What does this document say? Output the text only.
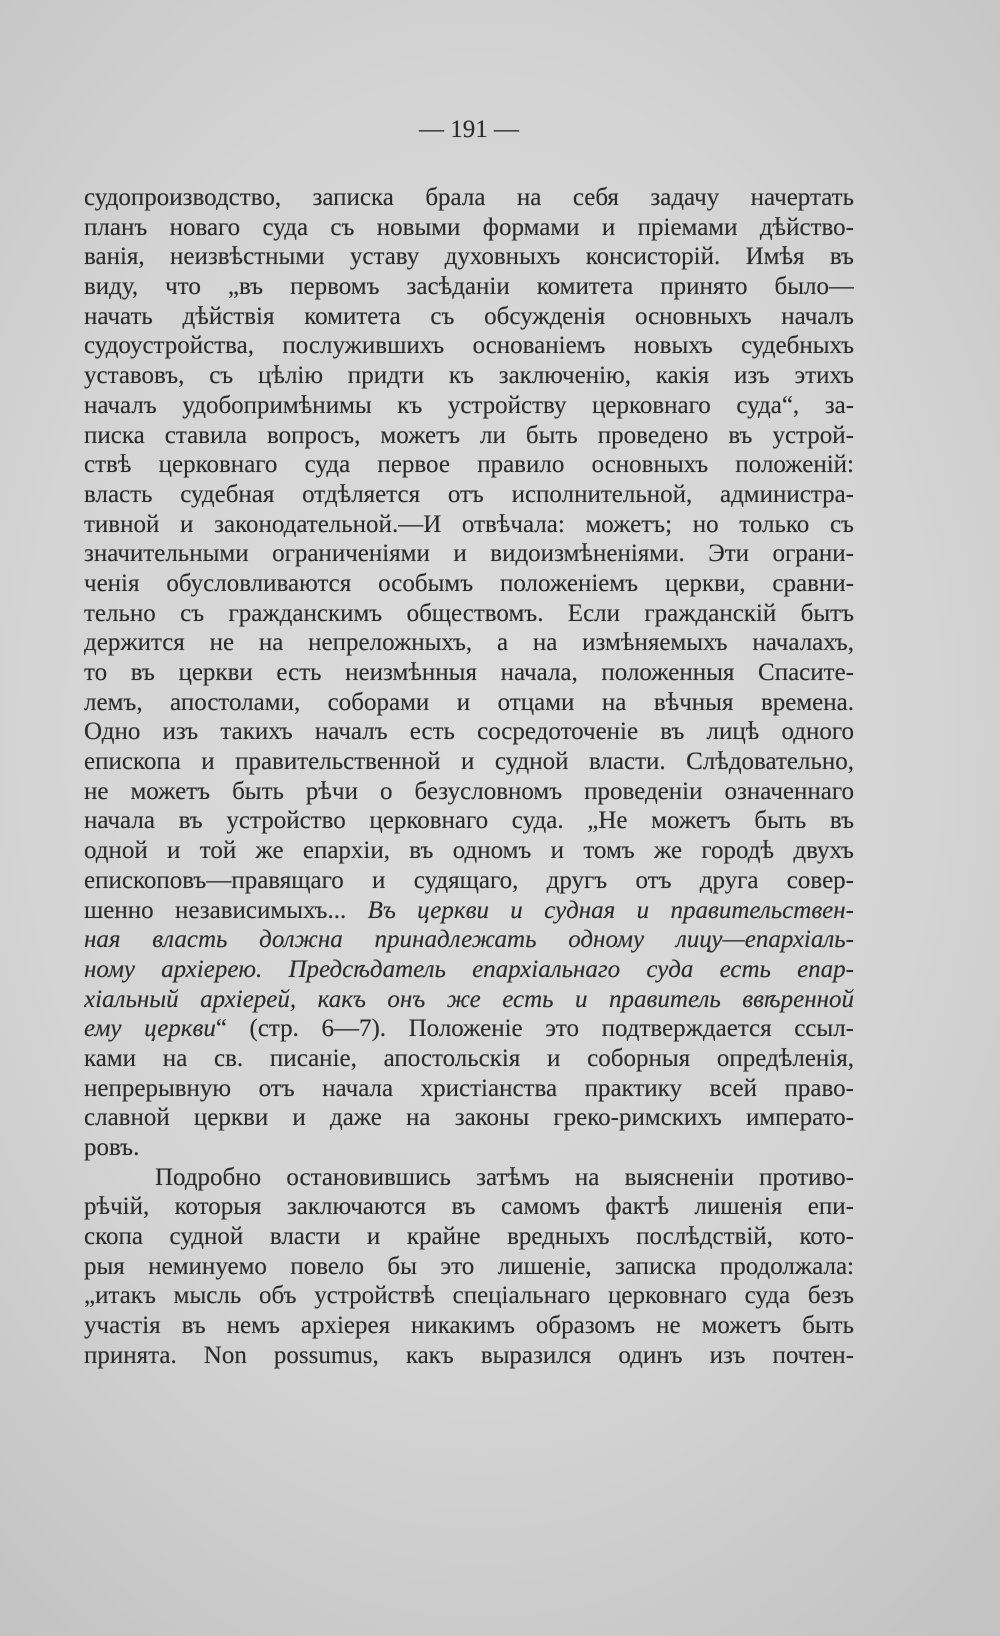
— 191 —
судопроизводство, записка брала на себя задачу начертать
планъ новаго суда съ новыми формами и пріемами дѣйство-
ванія, неизвѣстными уставу духовныхъ консисторій. Имѣя въ
виду, что „въ первомъ засѣданіи комитета принято было—
начать дѣйствія комитета съ обсужденія основныхъ началъ
судоустройства, послужившихъ основаніемъ новыхъ судебныхъ
уставовъ, съ цѣлію придти къ заключенію, какія изъ этихъ
началъ удобопримѣнимы къ устройству церковнаго суда“, за-
писка ставила вопросъ, можетъ ли быть проведено въ устрой-
ствѣ церковнаго суда первое правило основныхъ положеній:
власть судебная отдѣляется отъ исполнительной, администра-
тивной и законодательной.—И отвѣчала: можетъ; но только съ
значительными ограниченіями и видоизмѣненіями. Эти ограни-
ченія обусловливаются особымъ положеніемъ церкви, сравни-
тельно съ гражданскимъ обществомъ. Если гражданскій бытъ
держится не на непреложныхъ, а на измѣняемыхъ началахъ,
то въ церкви есть неизмѣнныя начала, положенныя Спасите-
лемъ, апостолами, соборами и отцами на вѣчныя времена.
Одно изъ такихъ началъ есть сосредоточеніе въ лицѣ одного
епископа и правительственной и судной власти. Слѣдовательно,
не можетъ быть рѣчи о безусловномъ проведеніи означеннаго
начала въ устройство церковнаго суда. „Не можетъ быть въ
одной и той же епархіи, въ одномъ и томъ же городѣ двухъ
епископовъ—правящаго и судящаго, другъ отъ друга совер-
шенно независимыхъ... Въ церкви и судная и правительствен-
ная власть должна принадлежать одному лицу—епархіаль-
ному архіерею. Предсѣдатель епархіальнаго суда есть епар-
хіальный архіерей, какъ онъ же есть и правитель ввѣренной
ему церкви“ (стр. 6—7). Положеніе это подтверждается ссыл-
ками на св. писаніе, апостольскія и соборныя опредѣленія,
непрерывную отъ начала христіанства практику всей право-
славной церкви и даже на законы греко-римскихъ императо-
ровъ.
Подробно остановившись затѣмъ на выясненіи противо-
рѣчій, которыя заключаются въ самомъ фактѣ лишенія епи-
скопа судной власти и крайне вредныхъ послѣдствій, кото-
рыя неминуемо повело бы это лишеніе, записка продолжала:
„итакъ мысль объ устройствѣ спеціальнаго церковнаго суда безъ
участія въ немъ архіерея никакимъ образомъ не можетъ быть
принята. Non possumus, какъ выразился одинъ изъ почтен-
